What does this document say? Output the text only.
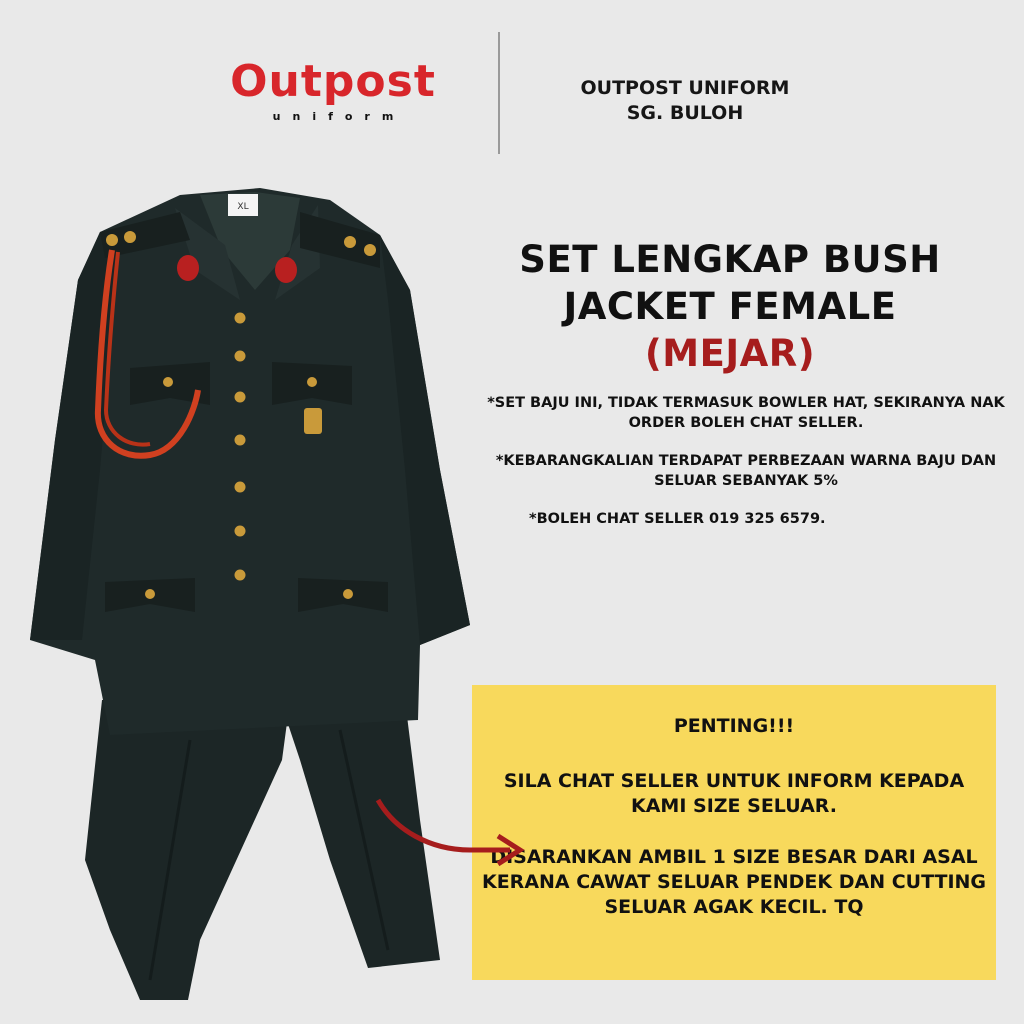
Outpost
uniform
OUTPOST UNIFORM
SG. BULOH
XL
SET LENGKAP BUSH
JACKET FEMALE
(MEJAR)

*SET BAJU INI, TIDAK TERMASUK BOWLER HAT, SEKIRANYA NAK ORDER BOLEH CHAT SELLER.

*KEBARANGKALIAN TERDAPAT PERBEZAAN WARNA BAJU DAN SELUAR SEBANYAK 5%

*BOLEH CHAT SELLER 019 325 6579.

PENTING!!!
SILA CHAT SELLER UNTUK INFORM KEPADA KAMI SIZE SELUAR.
DISARANKAN AMBIL 1 SIZE BESAR DARI ASAL KERANA CAWAT SELUAR PENDEK DAN CUTTING SELUAR AGAK KECIL. TQ
